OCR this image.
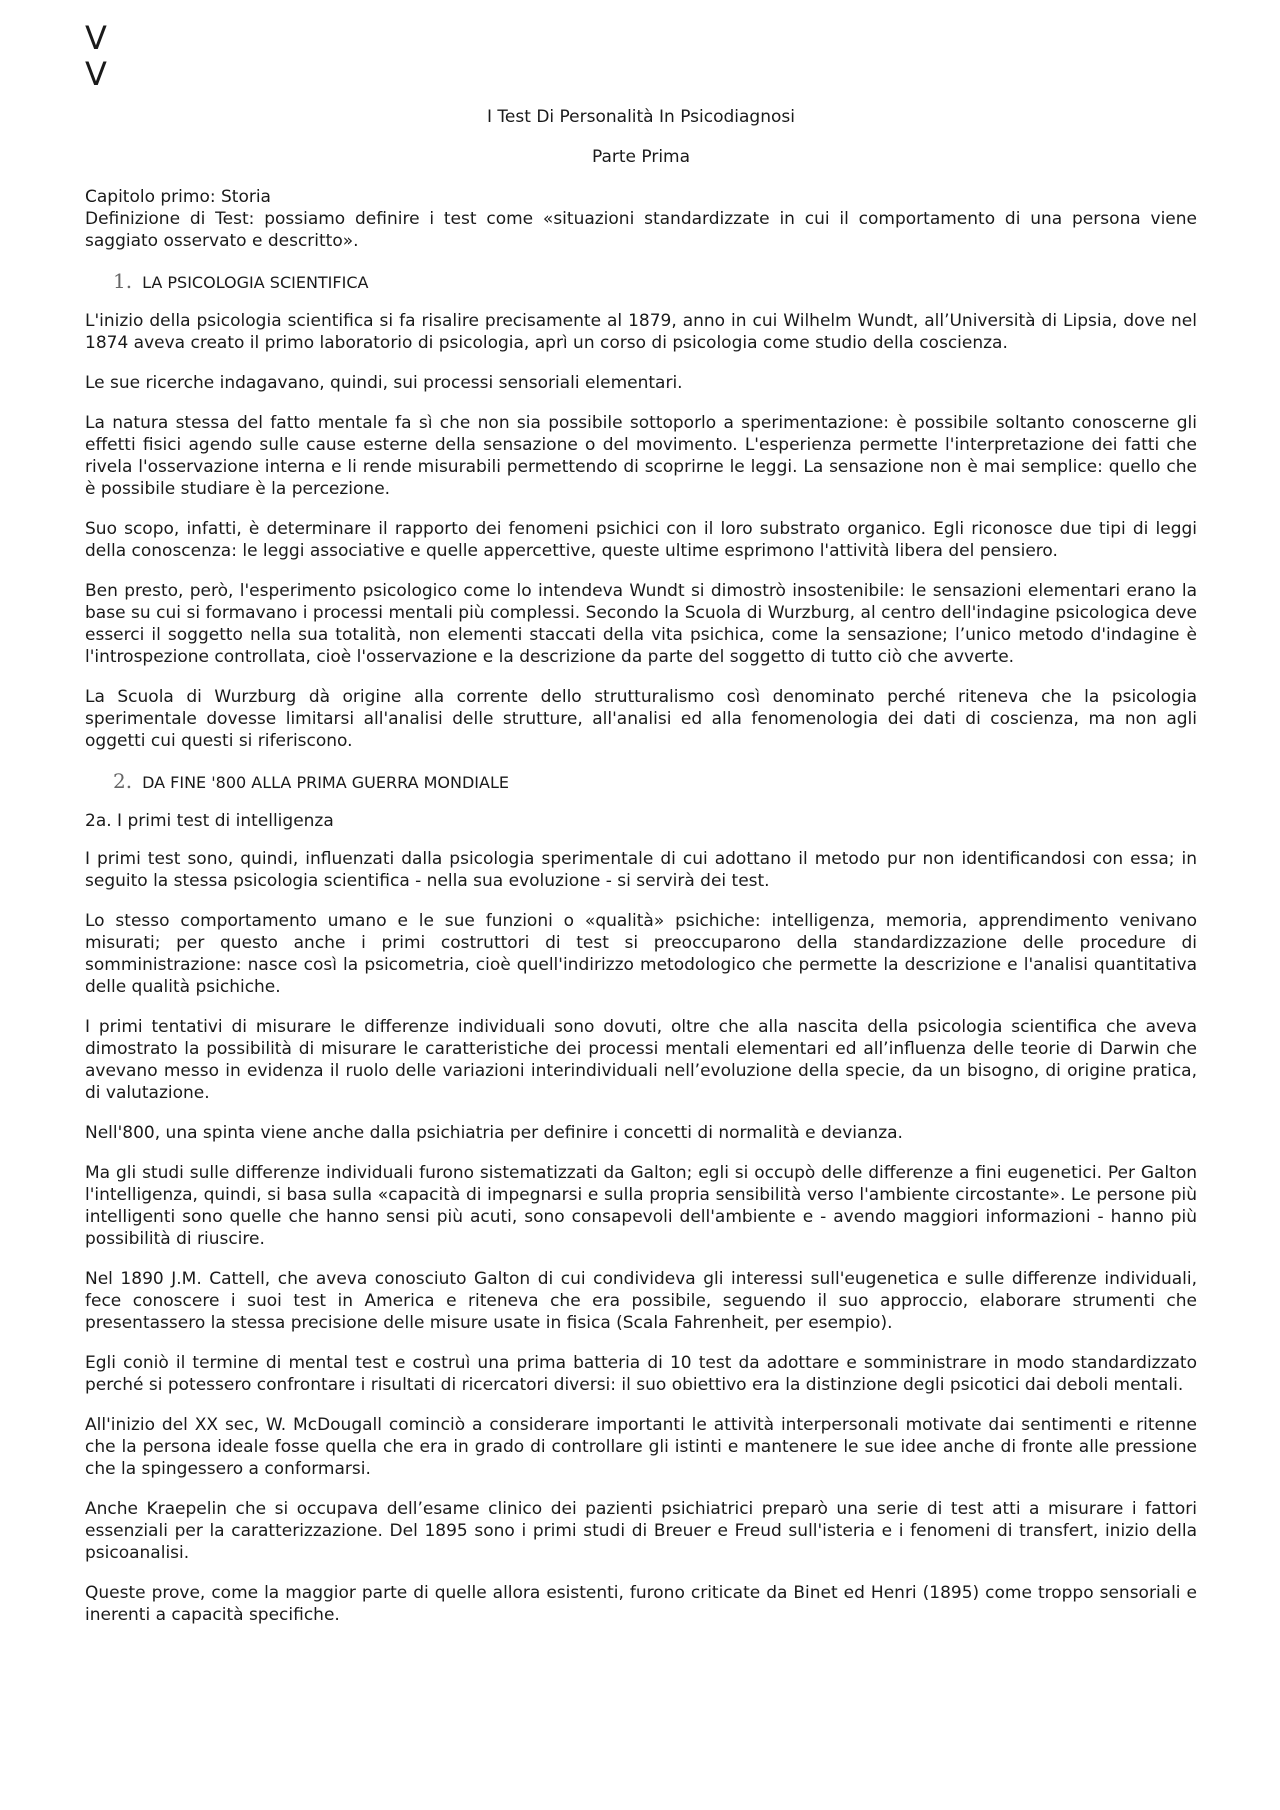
V
V

I Test Di Personalità In Psicodiagnosi

Parte Prima

Capitolo primo: Storia

Definizione di Test: possiamo definire i test come «situazioni standardizzate in cui il comportamento di una persona viene saggiato osservato e descritto».

1. LA PSICOLOGIA SCIENTIFICA

L'inizio della psicologia scientifica si fa risalire precisamente al 1879, anno in cui Wilhelm Wundt, all’Università di Lipsia, dove nel 1874 aveva creato il primo laboratorio di psicologia, aprì un corso di psicologia come studio della coscienza.

Le sue ricerche indagavano, quindi, sui processi sensoriali elementari.

La natura stessa del fatto mentale fa sì che non sia possibile sottoporlo a sperimentazione: è possibile soltanto conoscerne gli effetti fisici agendo sulle cause esterne della sensazione o del movimento. L'esperienza permette l'interpretazione dei fatti che rivela l'osservazione interna e li rende misurabili permettendo di scoprirne le leggi. La sensazione non è mai semplice: quello che è possibile studiare è la percezione.

Suo scopo, infatti, è determinare il rapporto dei fenomeni psichici con il loro substrato organico. Egli riconosce due tipi di leggi della conoscenza: le leggi associative e quelle appercettive, queste ultime esprimono l'attività libera del pensiero.

Ben presto, però, l'esperimento psicologico come lo intendeva Wundt si dimostrò insostenibile: le sensazioni elementari erano la base su cui si formavano i processi mentali più complessi. Secondo la Scuola di Wurzburg, al centro dell'indagine psicologica deve esserci il soggetto nella sua totalità, non elementi staccati della vita psichica, come la sensazione; l’unico metodo d'indagine è l'introspezione controllata, cioè l'osservazione e la descrizione da parte del soggetto di tutto ciò che avverte.

La Scuola di Wurzburg dà origine alla corrente dello strutturalismo così denominato perché riteneva che la psicologia sperimentale dovesse limitarsi all'analisi delle strutture, all'analisi ed alla fenomenologia dei dati di coscienza, ma non agli oggetti cui questi si riferiscono.

2. DA FINE '800 ALLA PRIMA GUERRA MONDIALE

2a. I primi test di intelligenza

I primi test sono, quindi, influenzati dalla psicologia sperimentale di cui adottano il metodo pur non identificandosi con essa; in seguito la stessa psicologia scientifica - nella sua evoluzione - si servirà dei test.

Lo stesso comportamento umano e le sue funzioni o «qualità» psichiche: intelligenza, memoria, apprendimento venivano misurati; per questo anche i primi costruttori di test si preoccuparono della standardizzazione delle procedure di somministrazione: nasce così la psicometria, cioè quell'indirizzo metodologico che permette la descrizione e l'analisi quantitativa delle qualità psichiche.

I primi tentativi di misurare le differenze individuali sono dovuti, oltre che alla nascita della psicologia scientifica che aveva dimostrato la possibilità di misurare le caratteristiche dei processi mentali elementari ed all’influenza delle teorie di Darwin che avevano messo in evidenza il ruolo delle variazioni interindividuali nell’evoluzione della specie, da un bisogno, di origine pratica, di valutazione.

Nell'800, una spinta viene anche dalla psichiatria per definire i concetti di normalità e devianza.

Ma gli studi sulle differenze individuali furono sistematizzati da Galton; egli si occupò delle differenze a fini eugenetici. Per Galton l'intelligenza, quindi, si basa sulla «capacità di impegnarsi e sulla propria sensibilità verso l'ambiente circostante». Le persone più intelligenti sono quelle che hanno sensi più acuti, sono consapevoli dell'ambiente e - avendo maggiori informazioni - hanno più possibilità di riuscire.

Nel 1890 J.M. Cattell, che aveva conosciuto Galton di cui condivideva gli interessi sull'eugenetica e sulle differenze individuali, fece conoscere i suoi test in America e riteneva che era possibile, seguendo il suo approccio, elaborare strumenti che presentassero la stessa precisione delle misure usate in fisica (Scala Fahrenheit, per esempio).

Egli coniò il termine di mental test e costruì una prima batteria di 10 test da adottare e somministrare in modo standardizzato perché si potessero confrontare i risultati di ricercatori diversi: il suo obiettivo era la distinzione degli psicotici dai deboli mentali.

All'inizio del XX sec, W. McDougall cominciò a considerare importanti le attività interpersonali motivate dai sentimenti e ritenne che la persona ideale fosse quella che era in grado di controllare gli istinti e mantenere le sue idee anche di fronte alle pressione che la spingessero a conformarsi.

Anche Kraepelin che si occupava dell’esame clinico dei pazienti psichiatrici preparò una serie di test atti a misurare i fattori essenziali per la caratterizzazione. Del 1895 sono i primi studi di Breuer e Freud sull'isteria e i fenomeni di transfert, inizio della psicoanalisi.

Queste prove, come la maggior parte di quelle allora esistenti, furono criticate da Binet ed Henri (1895) come troppo sensoriali e inerenti a capacità specifiche.
